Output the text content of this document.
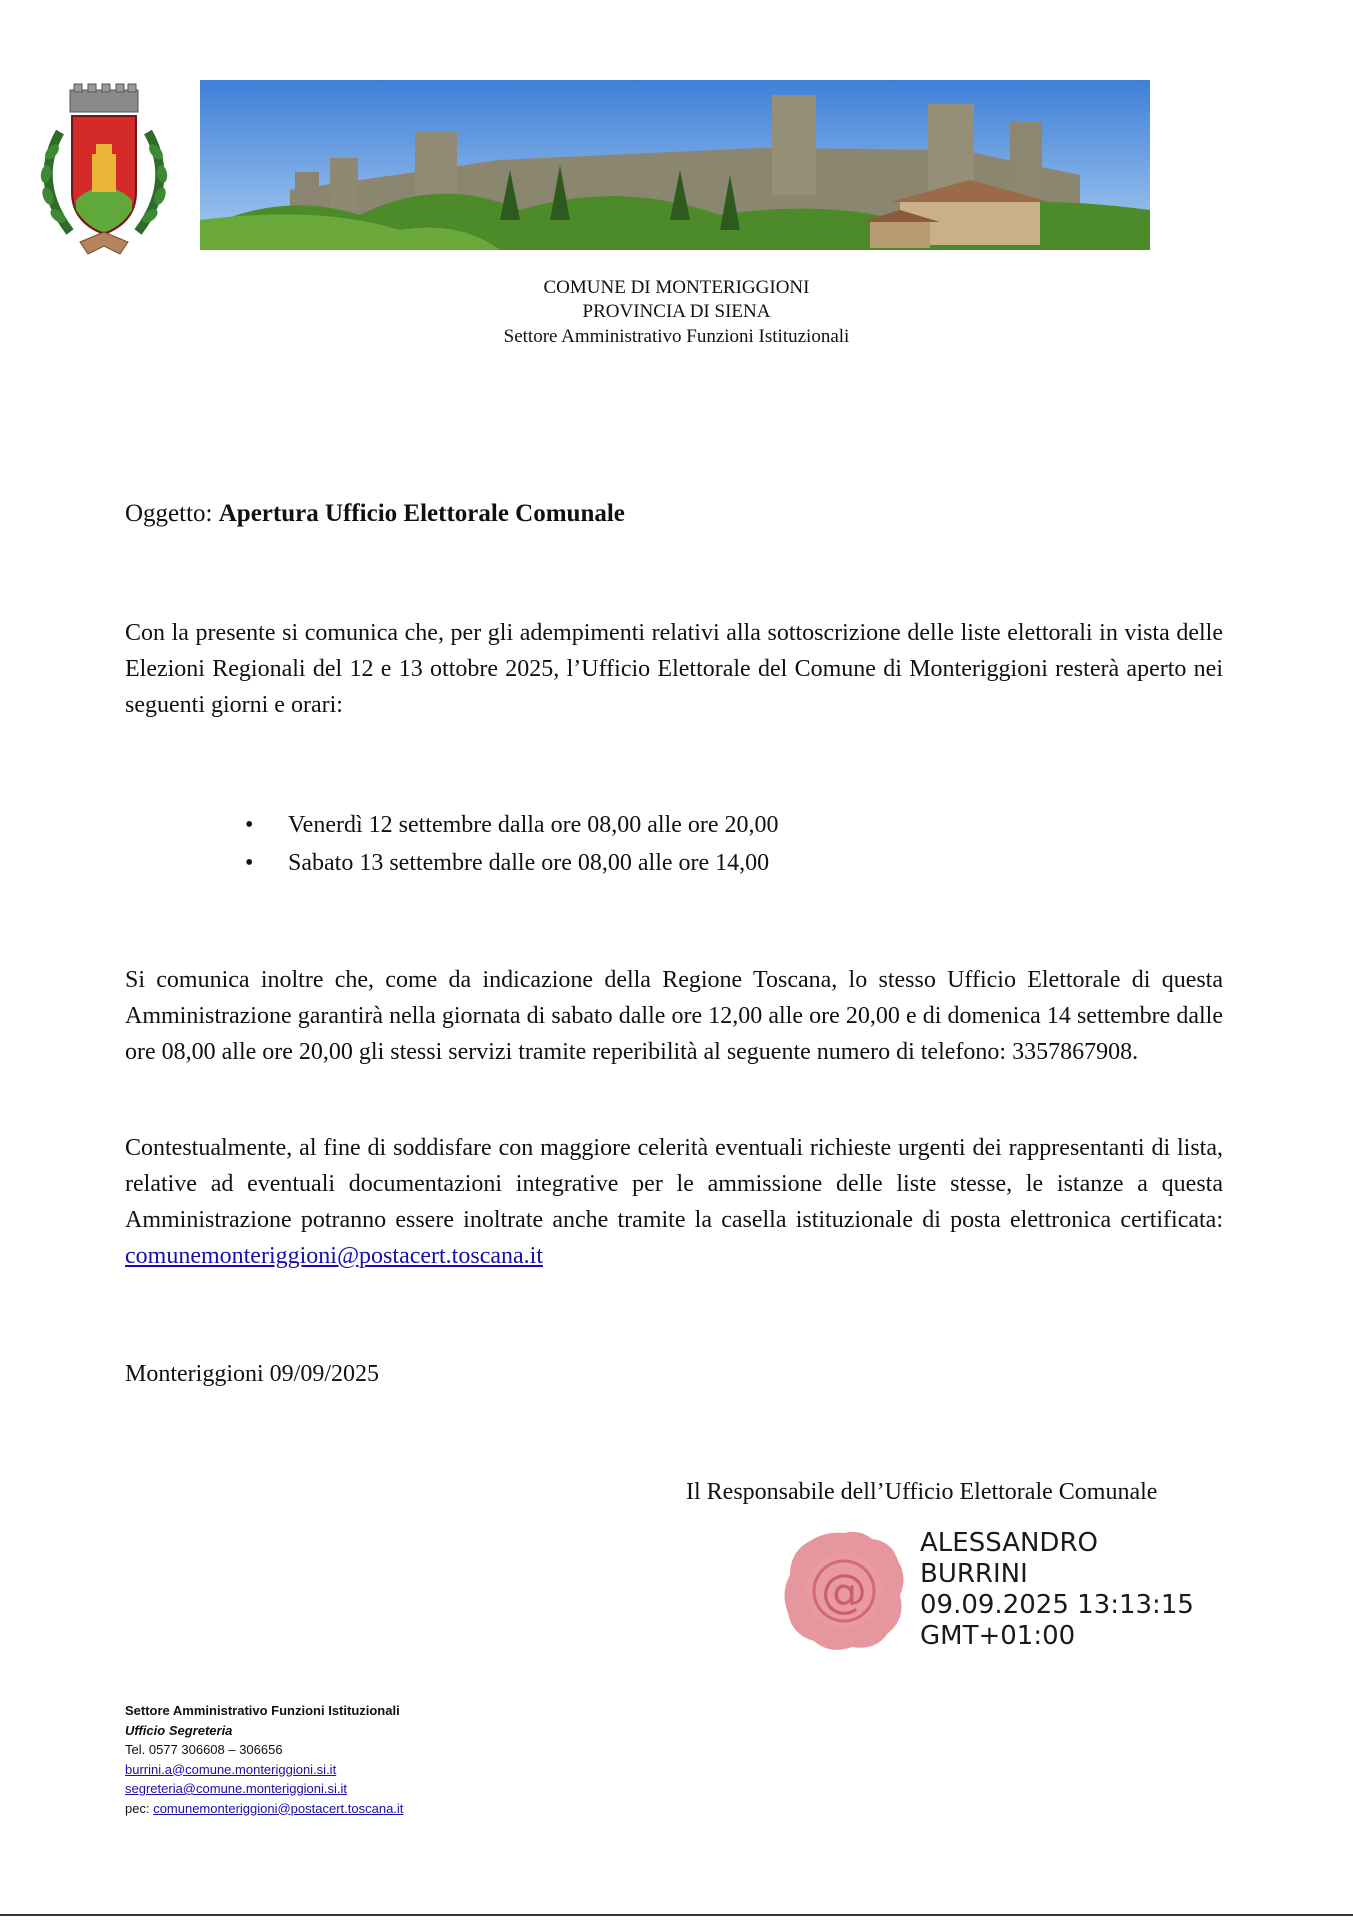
COMUNE DI MONTERIGGIONI
PROVINCIA DI SIENA
Settore Amministrativo Funzioni Istituzionali
Oggetto: Apertura Ufficio Elettorale Comunale
Con la presente si comunica che, per gli adempimenti relativi alla sottoscrizione delle liste elettorali in vista delle Elezioni Regionali del 12 e 13 ottobre 2025, l’Ufficio Elettorale del Comune di Monteriggioni resterà aperto nei seguenti giorni e orari:
• Venerdì 12 settembre dalla ore 08,00 alle ore 20,00
• Sabato 13 settembre dalle ore 08,00 alle ore 14,00
Si comunica inoltre che, come da indicazione della Regione Toscana, lo stesso Ufficio Elettorale di questa Amministrazione garantirà nella giornata di sabato dalle ore 12,00 alle ore 20,00 e di domenica 14 settembre dalle ore 08,00 alle ore 20,00 gli stessi servizi tramite reperibilità al seguente numero di telefono: 3357867908.
Contestualmente, al fine di soddisfare con maggiore celerità eventuali richieste urgenti dei rappresentanti di lista, relative ad eventuali documentazioni integrative per le ammissione delle liste stesse, le istanze a questa Amministrazione potranno essere inoltrate anche tramite la casella istituzionale di posta elettronica certificata: comunemonteriggioni@postacert.toscana.it
Monteriggioni 09/09/2025
Il Responsabile dell’Ufficio Elettorale Comunale
@
ALESSANDRO
BURRINI
09.09.2025 13:13:15
GMT+01:00
Settore Amministrativo Funzioni Istituzionali
Ufficio Segreteria
Tel. 0577 306608 – 306656
burrini.a@comune.monteriggioni.si.it
segreteria@comune.monteriggioni.si.it
pec: comunemonteriggioni@postacert.toscana.it
